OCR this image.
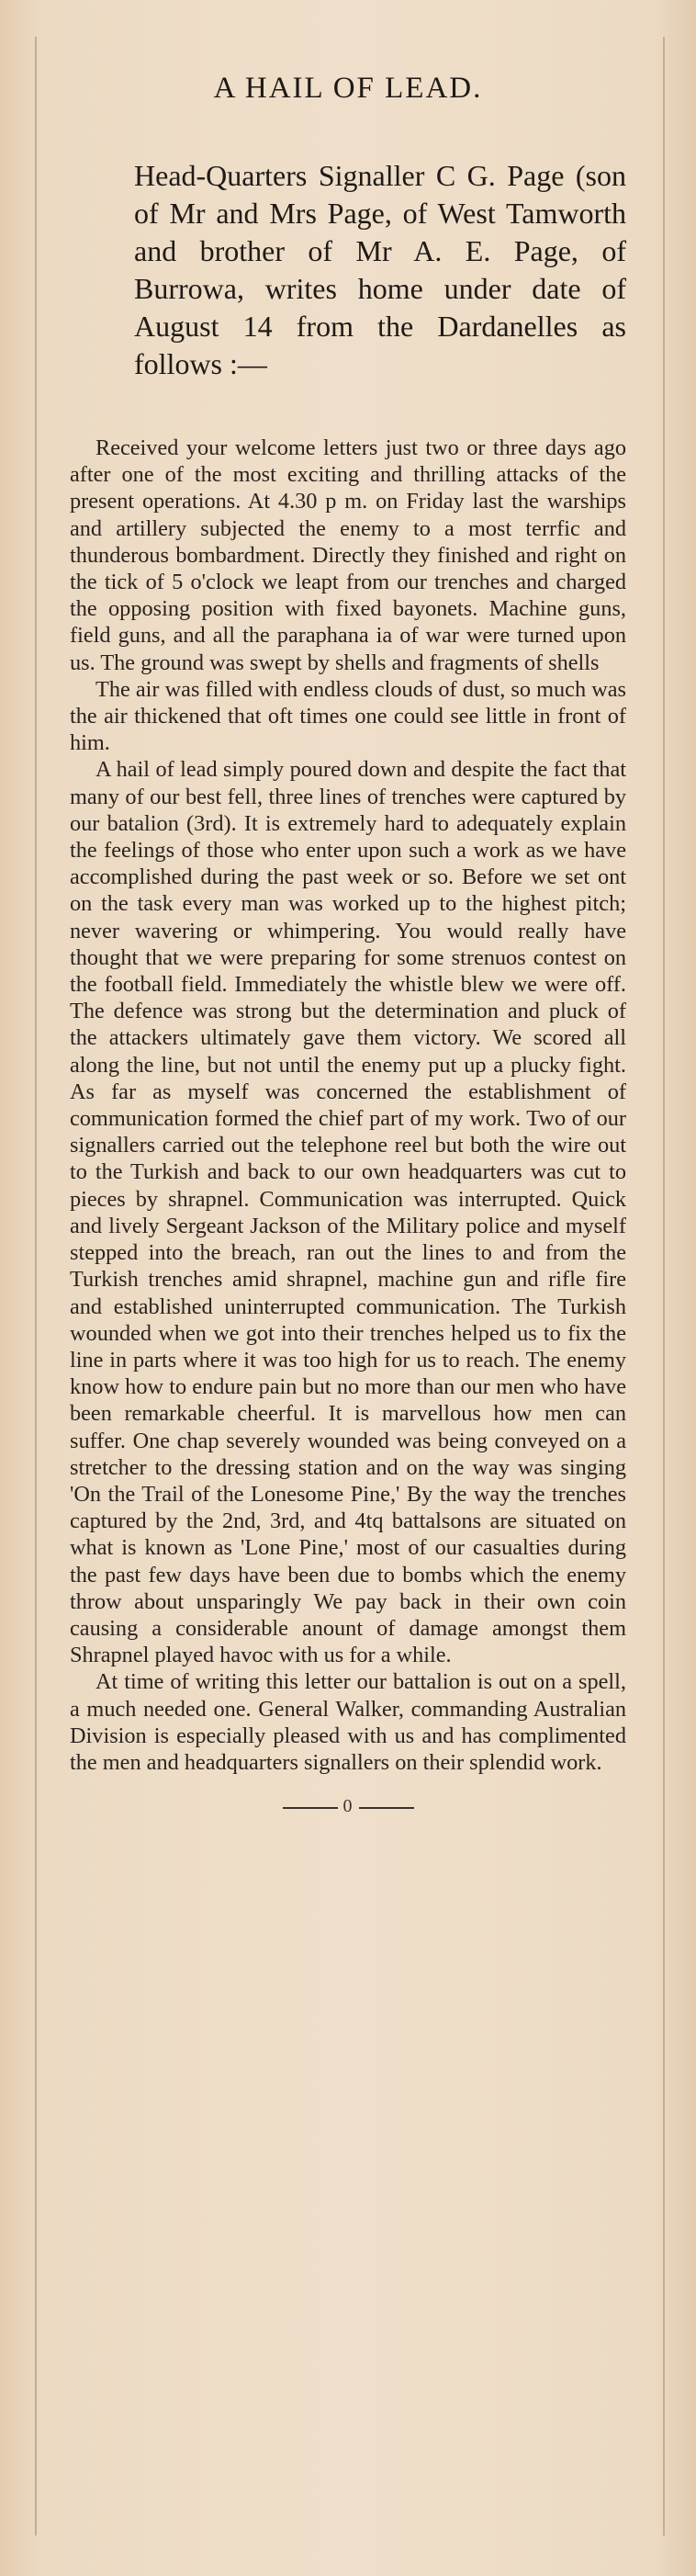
A HAIL OF LEAD.
Head-Quarters Signaller C G. Page (son of Mr and Mrs Page, of West Tamworth and brother of Mr A. E. Page, of Burrowa, writes home under date of August 14 from the Dardanelles as follows :—

Received your welcome letters just two or three days ago after one of the most exciting and thrilling attacks of the present operations. At 4.30 p m. on Friday last the warships and artillery subjected the enemy to a most terrfic and thunderous bombardment. Directly they finished and right on the tick of 5 o'clock we leapt from our trenches and charged the opposing position with fixed bayonets. Machine guns, field guns, and all the paraphana ia of war were turned upon us. The ground was swept by shells and fragments of shells

The air was filled with endless clouds of dust, so much was the air thickened that oft times one could see little in front of him.

A hail of lead simply poured down and despite the fact that many of our best fell, three lines of trenches were captured by our batalion (3rd). It is extremely hard to adequately explain the feelings of those who enter upon such a work as we have accomplished during the past week or so. Before we set ont on the task every man was worked up to the highest pitch; never wavering or whimpering. You would really have thought that we were preparing for some strenuos contest on the football field. Immediately the whistle blew we were off. The defence was strong but the determination and pluck of the attackers ultimately gave them victory. We scored all along the line, but not until the enemy put up a plucky fight. As far as myself was concerned the establishment of communication formed the chief part of my work. Two of our signallers carried out the telephone reel but both the wire out to the Turkish and back to our own headquarters was cut to pieces by shrapnel. Communication was interrupted. Quick and lively Sergeant Jackson of the Military police and myself stepped into the breach, ran out the lines to and from the Turkish trenches amid shrapnel, machine gun and rifle fire and established uninterrupted communication. The Turkish wounded when we got into their trenches helped us to fix the line in parts where it was too high for us to reach. The enemy know how to endure pain but no more than our men who have been remarkable cheerful. It is marvellous how men can suffer. One chap severely wounded was being conveyed on a stretcher to the dressing station and on the way was singing 'On the Trail of the Lonesome Pine,' By the way the trenches captured by the 2nd, 3rd, and 4tq battalsons are situated on what is known as 'Lone Pine,' most of our casualties during the past few days have been due to bombs which the enemy throw about unsparingly We pay back in their own coin causing a considerable anount of damage amongst them Shrapnel played havoc with us for a while.

At time of writing this letter our battalion is out on a spell, a much needed one. General Walker, commanding Australian Division is especially pleased with us and has complimented the men and headquarters signallers on their splendid work.

0
